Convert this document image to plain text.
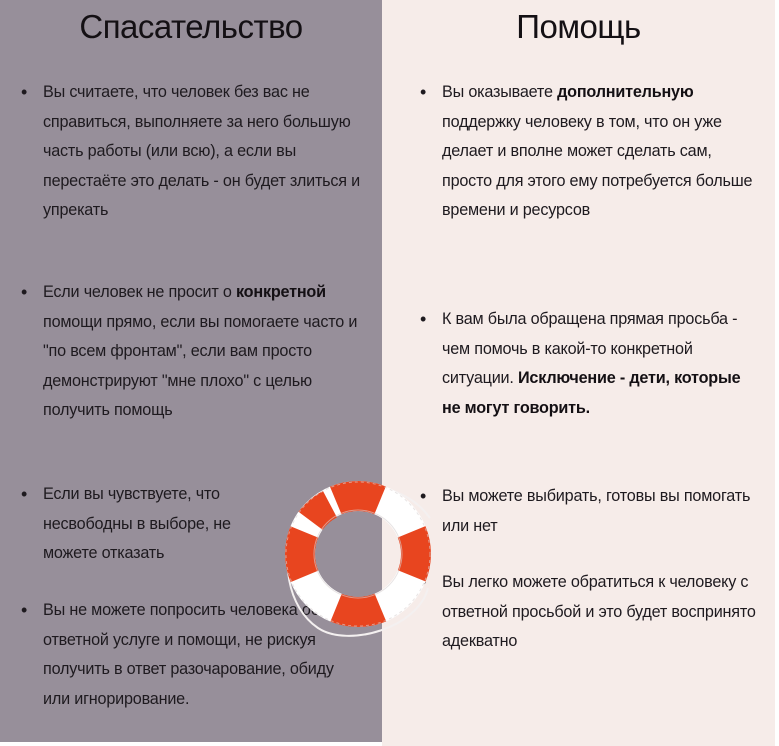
Спасательство
• Вы считаете, что человек без вас не справиться, выполняете за него большую часть работы (или всю), а если вы перестаёте это делать - он будет злиться и упрекать
• Если человек не просит о конкретной помощи прямо, если вы помогаете часто и "по всем фронтам", если вам просто демонстрируют "мне плохо" с целью получить помощь
• Если вы чувствуете, что несвободны в выборе, не можете отказать
• Вы не можете попросить человека об ответной услуге и помощи, не рискуя получить в ответ разочарование, обиду или игнорирование.
Помощь
• Вы оказываете дополнительную поддержку человеку в том, что он уже делает и вполне может сделать сам, просто для этого ему потребуется больше времени и ресурсов
• К вам была обращена прямая просьба - чем помочь в какой-то конкретной ситуации. Исключение - дети, которые не могут говорить.
• Вы можете выбирать, готовы вы помогать или нет
• Вы легко можете обратиться к человеку с ответной просьбой и это будет воспринято адекватно
